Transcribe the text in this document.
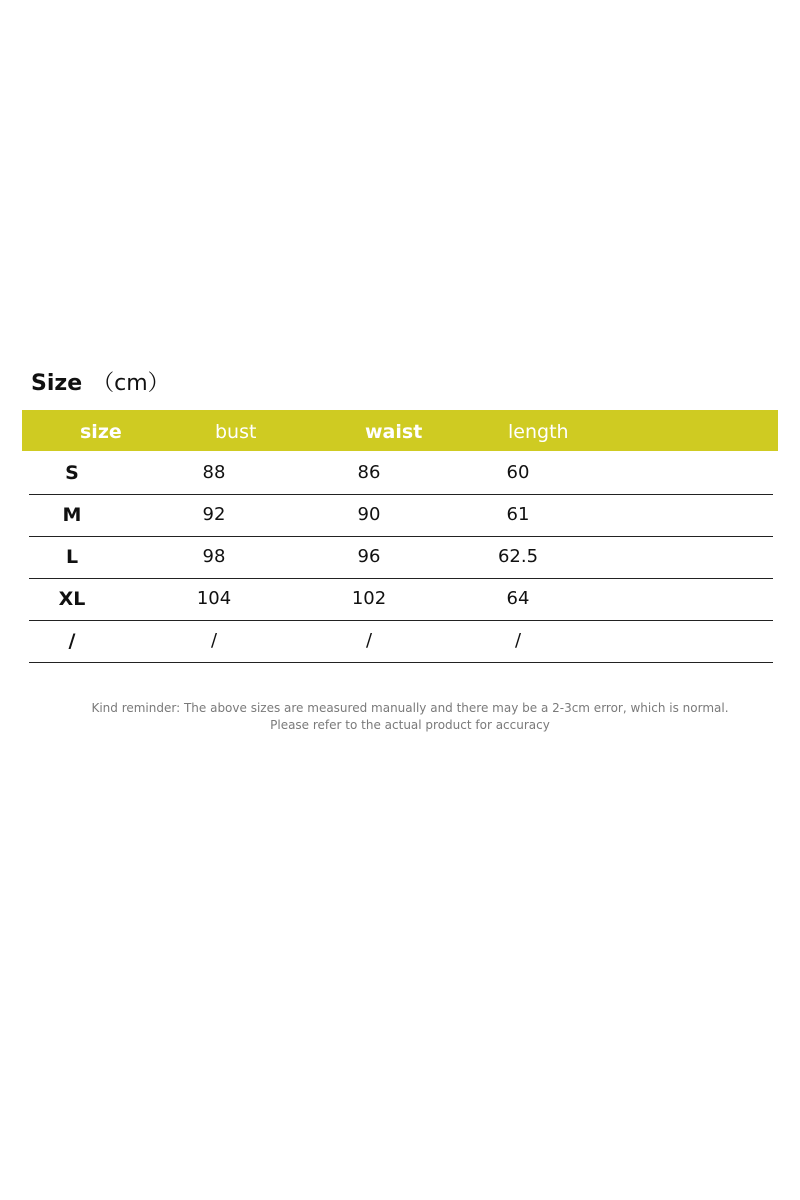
Size （cm）
size	bust	waist	length
S	88	86	60
M	92	90	61
L	98	96	62.5
XL	104	102	64
/	/	/	/
Kind reminder: The above sizes are measured manually and there may be a 2-3cm error, which is normal.
Please refer to the actual product for accuracy
